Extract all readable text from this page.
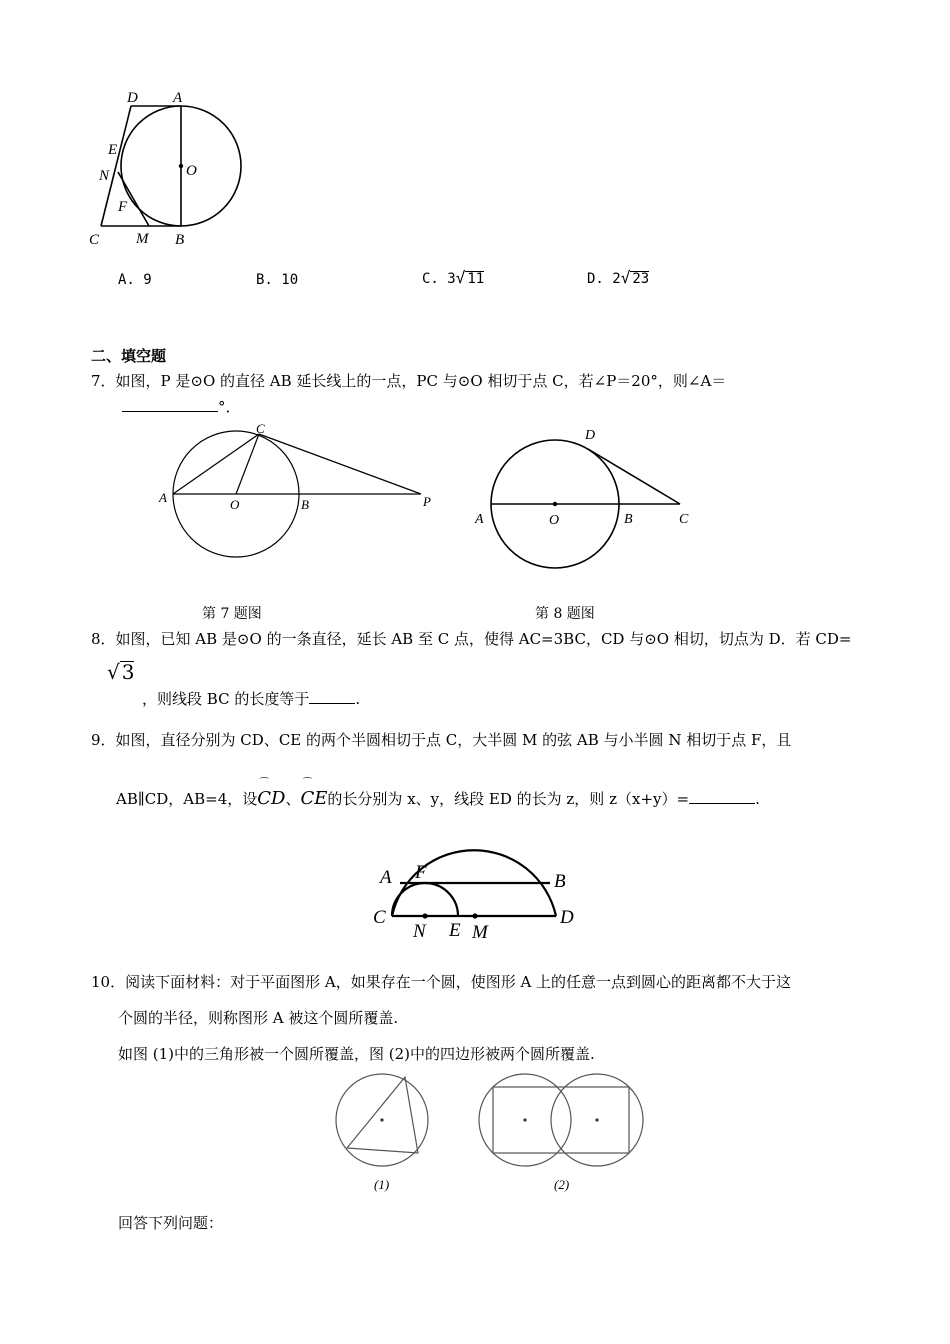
D A
E
N	O
F
C M B
A. 9	B. 10	C. 3√ 11	D. 2√ 23
二、填空题
7．如图，P 是⊙O 的直径 AB 延长线上的一点，PC 与⊙O 相切于点 C，若∠P＝20°，则∠A＝
°．
C
A	O	B	P
D
A	O	B	C
第 7 题图	第 8 题图
8．如图，已知 AB 是⊙O 的一条直径，延长 AB 至 C 点，使得 AC=3BC，CD 与⊙O 相切，切点为 D．若 CD=
√ 3
，则线段 BC 的长度等于	.
9．如图，直径分别为 CD、CE 的两个半圆相切于点 C，大半圆 M 的弦 AB 与小半圆 N 相切于点 F，且
AB∥CD，AB=4，设
⌒
CD、
⌒
CE的长分别为 x、y，线段 ED 的长为 z，则 z（x+y）=	.
A F	B
C
N E M
D
10．阅读下面材料：对于平面图形 A，如果存在一个圆，使图形 A 上的任意一点到圆心的距离都不大于这
个圆的半径，则称图形 A 被这个圆所覆盖.
如图 (1)中的三角形被一个圆所覆盖，图 (2)中的四边形被两个圆所覆盖.
(1)	(2)
回答下列问题：
